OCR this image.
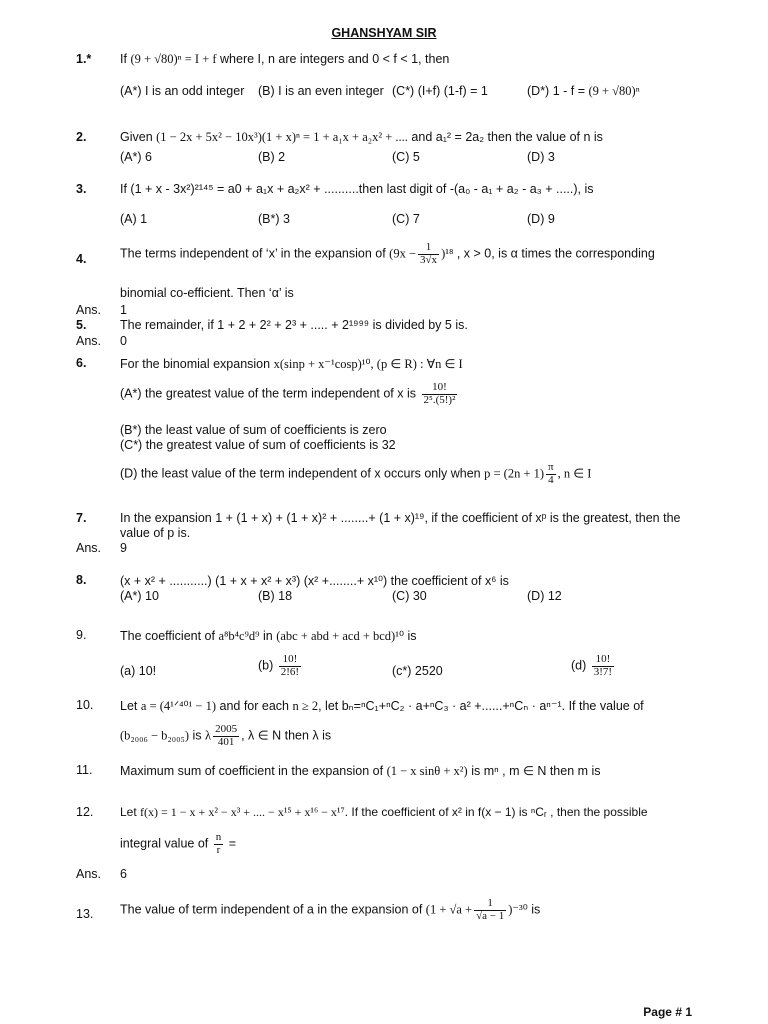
GHANSHYAM SIR
1.*	If (9 + √80)ⁿ = I + f where I, n are integers and 0 < f < 1, then
(A*) I is an odd integer (B) I is an even integer (C*) (I+f) (1-f) = 1	(D*) 1 - f = (9 + √80)ⁿ
2.	Given (1 − 2x + 5x² − 10x³)(1 + x)ⁿ = 1 + a₁x + a₂x² + .... and a₁² = 2a₂ then the value of n is
(A*) 6	(B) 2	(C) 5	(D) 3
3.	If (1 + x - 3x²)²¹⁴⁵ = a0 + a₁x + a₂x² + ..........then last digit of -(a₀ - a₁ + a₂ - a₃ + .....), is
(A) 1	(B*) 3	(C) 7	(D) 9
4.	The terms independent of ‘x’ in the expansion of $(9x - \frac{1}{3√x} )^{18}$ , x > 0, is α times the corresponding
binomial co-efficient. Then ‘α’ is
Ans.	1
5.	The remainder, if 1 + 2 + 2² + 2³ + ..... + 2¹⁹⁹⁹ is divided by 5 is.
Ans.	0
6.	For the binomial expansion x(sinp + x⁻¹cosp)¹⁰, (p ∈ R) : ∀n ∈ I
(A*) the greatest value of the term independent of x is $\frac{10!}{\text{2⁵.(5!)²}}$
(B*) the least value of sum of coefficients is zero
(C*) the greatest value of sum of coefficients is 32
(D) the least value of the term independent of x occurs only when $p = (2n + 1) \frac{\pi}{4}$ , n ∈ I
7.	In the expansion 1 + (1 + x) + (1 + x)² + ........+ (1 + x)¹⁹, if the coefficient of xᵖ is the greatest, then the
value of p is.
Ans.	9
8.	(x + x² + ...........) (1 + x + x² + x³) (x² +........+ x¹⁰) the coefficient of x⁶ is
(A*) 10	(B) 18	(C) 30	(D) 12
9.	The coefficient of a⁸b⁴c⁹d⁹ in (abc + abd + acd + bcd)¹⁰ is
(a) 10!	$(b) \frac{10!}{2!6!}$	(c*) 2520	$(d) \frac{10!}{3!7!}$
10.	Let a = (4¹ᐟ⁴⁰¹ − 1) and for each n ≥ 2, let bₙ=ⁿC₁+ⁿC₂ · a+ⁿC₃ · a² +......+ⁿCₙ · aⁿ⁻¹. If the value of
(b₂₀₀₆ − b₂₀₀₅) is λ $\frac{2005}{401}$ , λ ∈ N then λ is
11.	Maximum sum of coefficient in the expansion of (1 − x sinθ + x²) is mⁿ , m ∈ N then m is
12.	Let f(x) = 1 − x + x² − x³ + .... − x¹⁵ + x¹⁶ − x¹⁷. If the coefficient of x² in f(x − 1) is ⁿCᵣ , then the possible
integral value of $\frac{n}{r}$ =
Ans.	6
13.	The value of term independent of a in the expansion of $(1 + √a + \frac{1}{√a - 1} )^{-30}$ is
Page # 1
